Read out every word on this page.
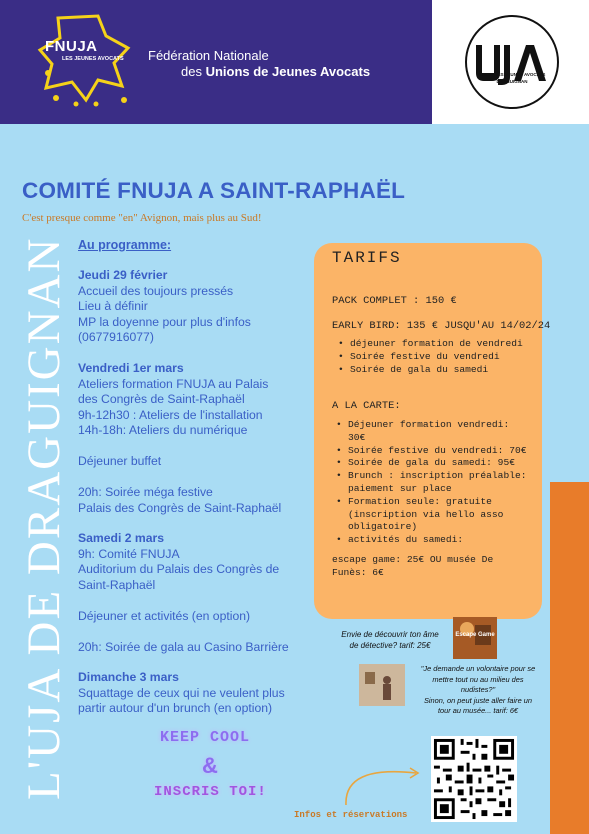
FNUJA
LES JEUNES AVOCATS Fédération Nationale
des Unions de Jeunes Avocats	UNION DES JEUNES AVOCATS
DRAGUIGNAN
COMITÉ FNUJA A SAINT-RAPHAËL
C'est presque comme "en" Avignon, mais plus au Sud!
L'UJA DE DRAGUIGNAN Au programme:
Jeudi 29 février
Accueil des toujours pressés
Lieu à définir
MP la doyenne pour plus d'infos
(0677916077)
Vendredi 1er mars
Ateliers formation FNUJA au Palais
des Congrès de Saint-Raphaël
9h-12h30 : Ateliers de l'installation
14h-18h: Ateliers du numérique
Déjeuner buffet
20h: Soirée méga festive
Palais des Congrès de Saint-Raphaël
Samedi 2 mars
9h: Comité FNUJA
Auditorium du Palais des Congrès de
Saint-Raphaël
Déjeuner et activités (en option)
20h: Soirée de gala au Casino Barrière
Dimanche 3 mars
Squattage de ceux qui ne veulent plus
partir autour d'un brunch (en option)
TARIFS
PACK COMPLET : 150 €
EARLY BIRD: 135 € JUSQU'AU 14/02/24
• déjeuner formation de vendredi
• Soirée festive du vendredi
• Soirée de gala du samedi
A LA CARTE:
• Déjeuner formation vendredi:
30€
• Soirée festive du vendredi: 70€
• Soirée de gala du samedi: 95€
• Brunch : inscription préalable:
paiement sur place
• Formation seule: gratuite
(inscription via hello asso
obligatoire)
• activités du samedi:
escape game: 25€ OU musée De
Funès: 6€
Envie de découvrir ton âme
de détective? tarif: 25€
Escape Game
"Je demande un volontaire pour se
mettre tout nu au milieu des
nudistes?"
Sinon, on peut juste aller faire un
tour au musée... tarif: 6€
KEEP COOL
&
INSCRIS TOI!
Infos et réservations
